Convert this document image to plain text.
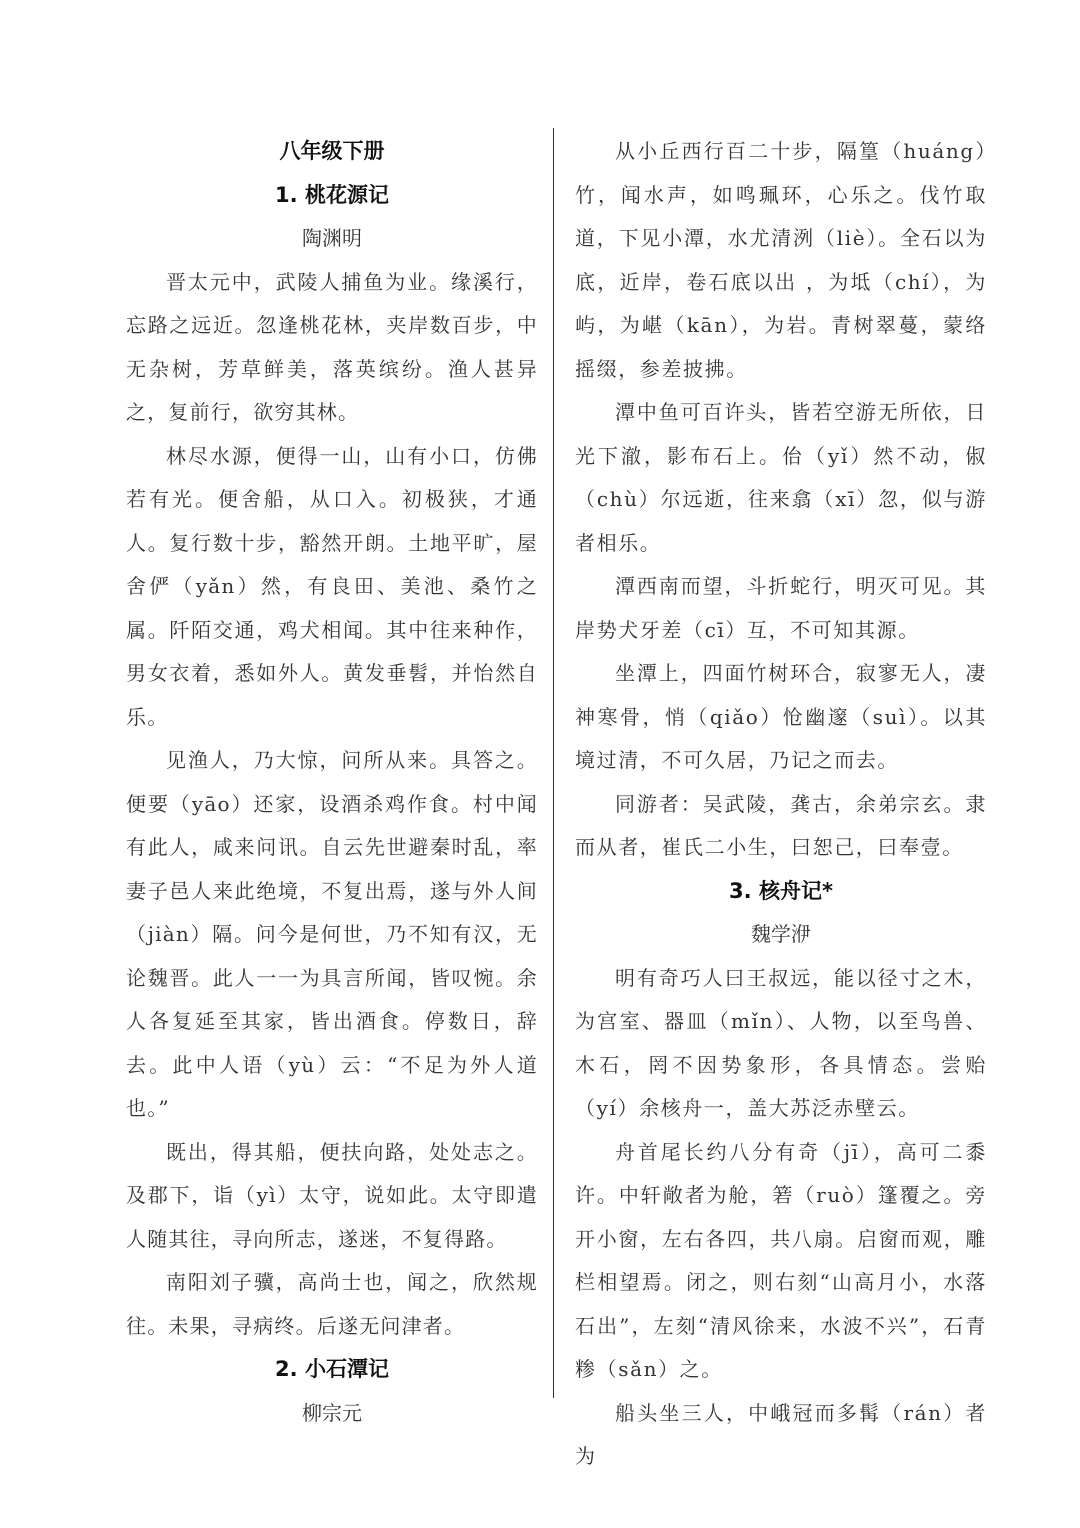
八年级下册
1. 桃花源记
陶渊明

晋太元中，武陵人捕鱼为业。缘溪行，忘路之远近。忽逢桃花林，夹岸数百步，中无杂树，芳草鲜美，落英缤纷。渔人甚异之，复前行，欲穷其林。

林尽水源，便得一山，山有小口，仿佛若有光。便舍船，从口入。初极狭，才通人。复行数十步，豁然开朗。土地平旷，屋舍俨（yǎn）然，有良田、美池、桑竹之属。阡陌交通，鸡犬相闻。其中往来种作，男女衣着，悉如外人。黄发垂髫，并怡然自乐。

见渔人，乃大惊，问所从来。具答之。便要（yāo）还家，设酒杀鸡作食。村中闻有此人，咸来问讯。自云先世避秦时乱，率妻子邑人来此绝境，不复出焉，遂与外人间（jiàn）隔。问今是何世，乃不知有汉，无论魏晋。此人一一为具言所闻，皆叹惋。余人各复延至其家，皆出酒食。停数日，辞去。此中人语（yù）云：“不足为外人道也。”

既出，得其船，便扶向路，处处志之。及郡下，诣（yì）太守，说如此。太守即遣人随其往，寻向所志，遂迷，不复得路。

南阳刘子骥，高尚士也，闻之，欣然规往。未果，寻病终。后遂无问津者。

2. 小石潭记
柳宗元

从小丘西行百二十步，隔篁（huáng）竹，闻水声，如鸣珮环，心乐之。伐竹取道，下见小潭，水尤清洌（liè）。全石以为底，近岸，卷石底以出 ，为坻（chí），为屿，为嵁（kān），为岩。青树翠蔓，蒙络摇缀，参差披拂。

潭中鱼可百许头，皆若空游无所依，日光下澈，影布石上。佁（yǐ）然不动，俶（chù）尔远逝，往来翕（xī）忽，似与游者相乐。

潭西南而望，斗折蛇行，明灭可见。其岸势犬牙差（cī）互，不可知其源。

坐潭上，四面竹树环合，寂寥无人，凄神寒骨，悄（qiǎo）怆幽邃（suì）。以其境过清，不可久居，乃记之而去。

同游者：吴武陵，龚古，余弟宗玄。隶而从者，崔氏二小生，曰恕己，曰奉壹。

3. 核舟记*
魏学洢

明有奇巧人曰王叔远，能以径寸之木，为宫室、器皿（mǐn）、人物，以至鸟兽、木石，罔不因势象形，各具情态。尝贻（yí）余核舟一，盖大苏泛赤壁云。

舟首尾长约八分有奇（jī），高可二黍许。中轩敞者为舱，箬（ruò）篷覆之。旁开小窗，左右各四，共八扇。启窗而观，雕栏相望焉。闭之，则右刻“山高月小，水落石出”，左刻“清风徐来，水波不兴”，石青糁（sǎn）之。

船头坐三人，中峨冠而多髯（rán）者为
